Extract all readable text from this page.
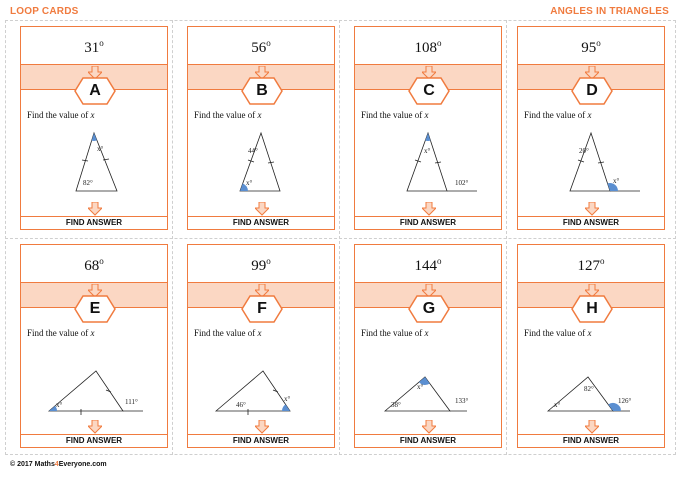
LOOP CARDS	ANGLES IN TRIANGLES
31$^o$
A
Find the value of x
x°
82°
FIND ANSWER
56$^o$
B
Find the value of x
44°
x°
FIND ANSWER
108$^o$
C
Find the value of x
x°
102°
FIND ANSWER
95$^o$
D
Find the value of x
20°
x°
FIND ANSWER
68$^o$
E
Find the value of x
x°	111°
FIND ANSWER
99$^o$
F
Find the value of x
46°
x°
FIND ANSWER
144$^o$
G
Find the value of x
x°
38°	133°
FIND ANSWER
127$^o$
H
Find the value of x
82°
x°	126°
FIND ANSWER
© 2017 Maths4Everyone.com
